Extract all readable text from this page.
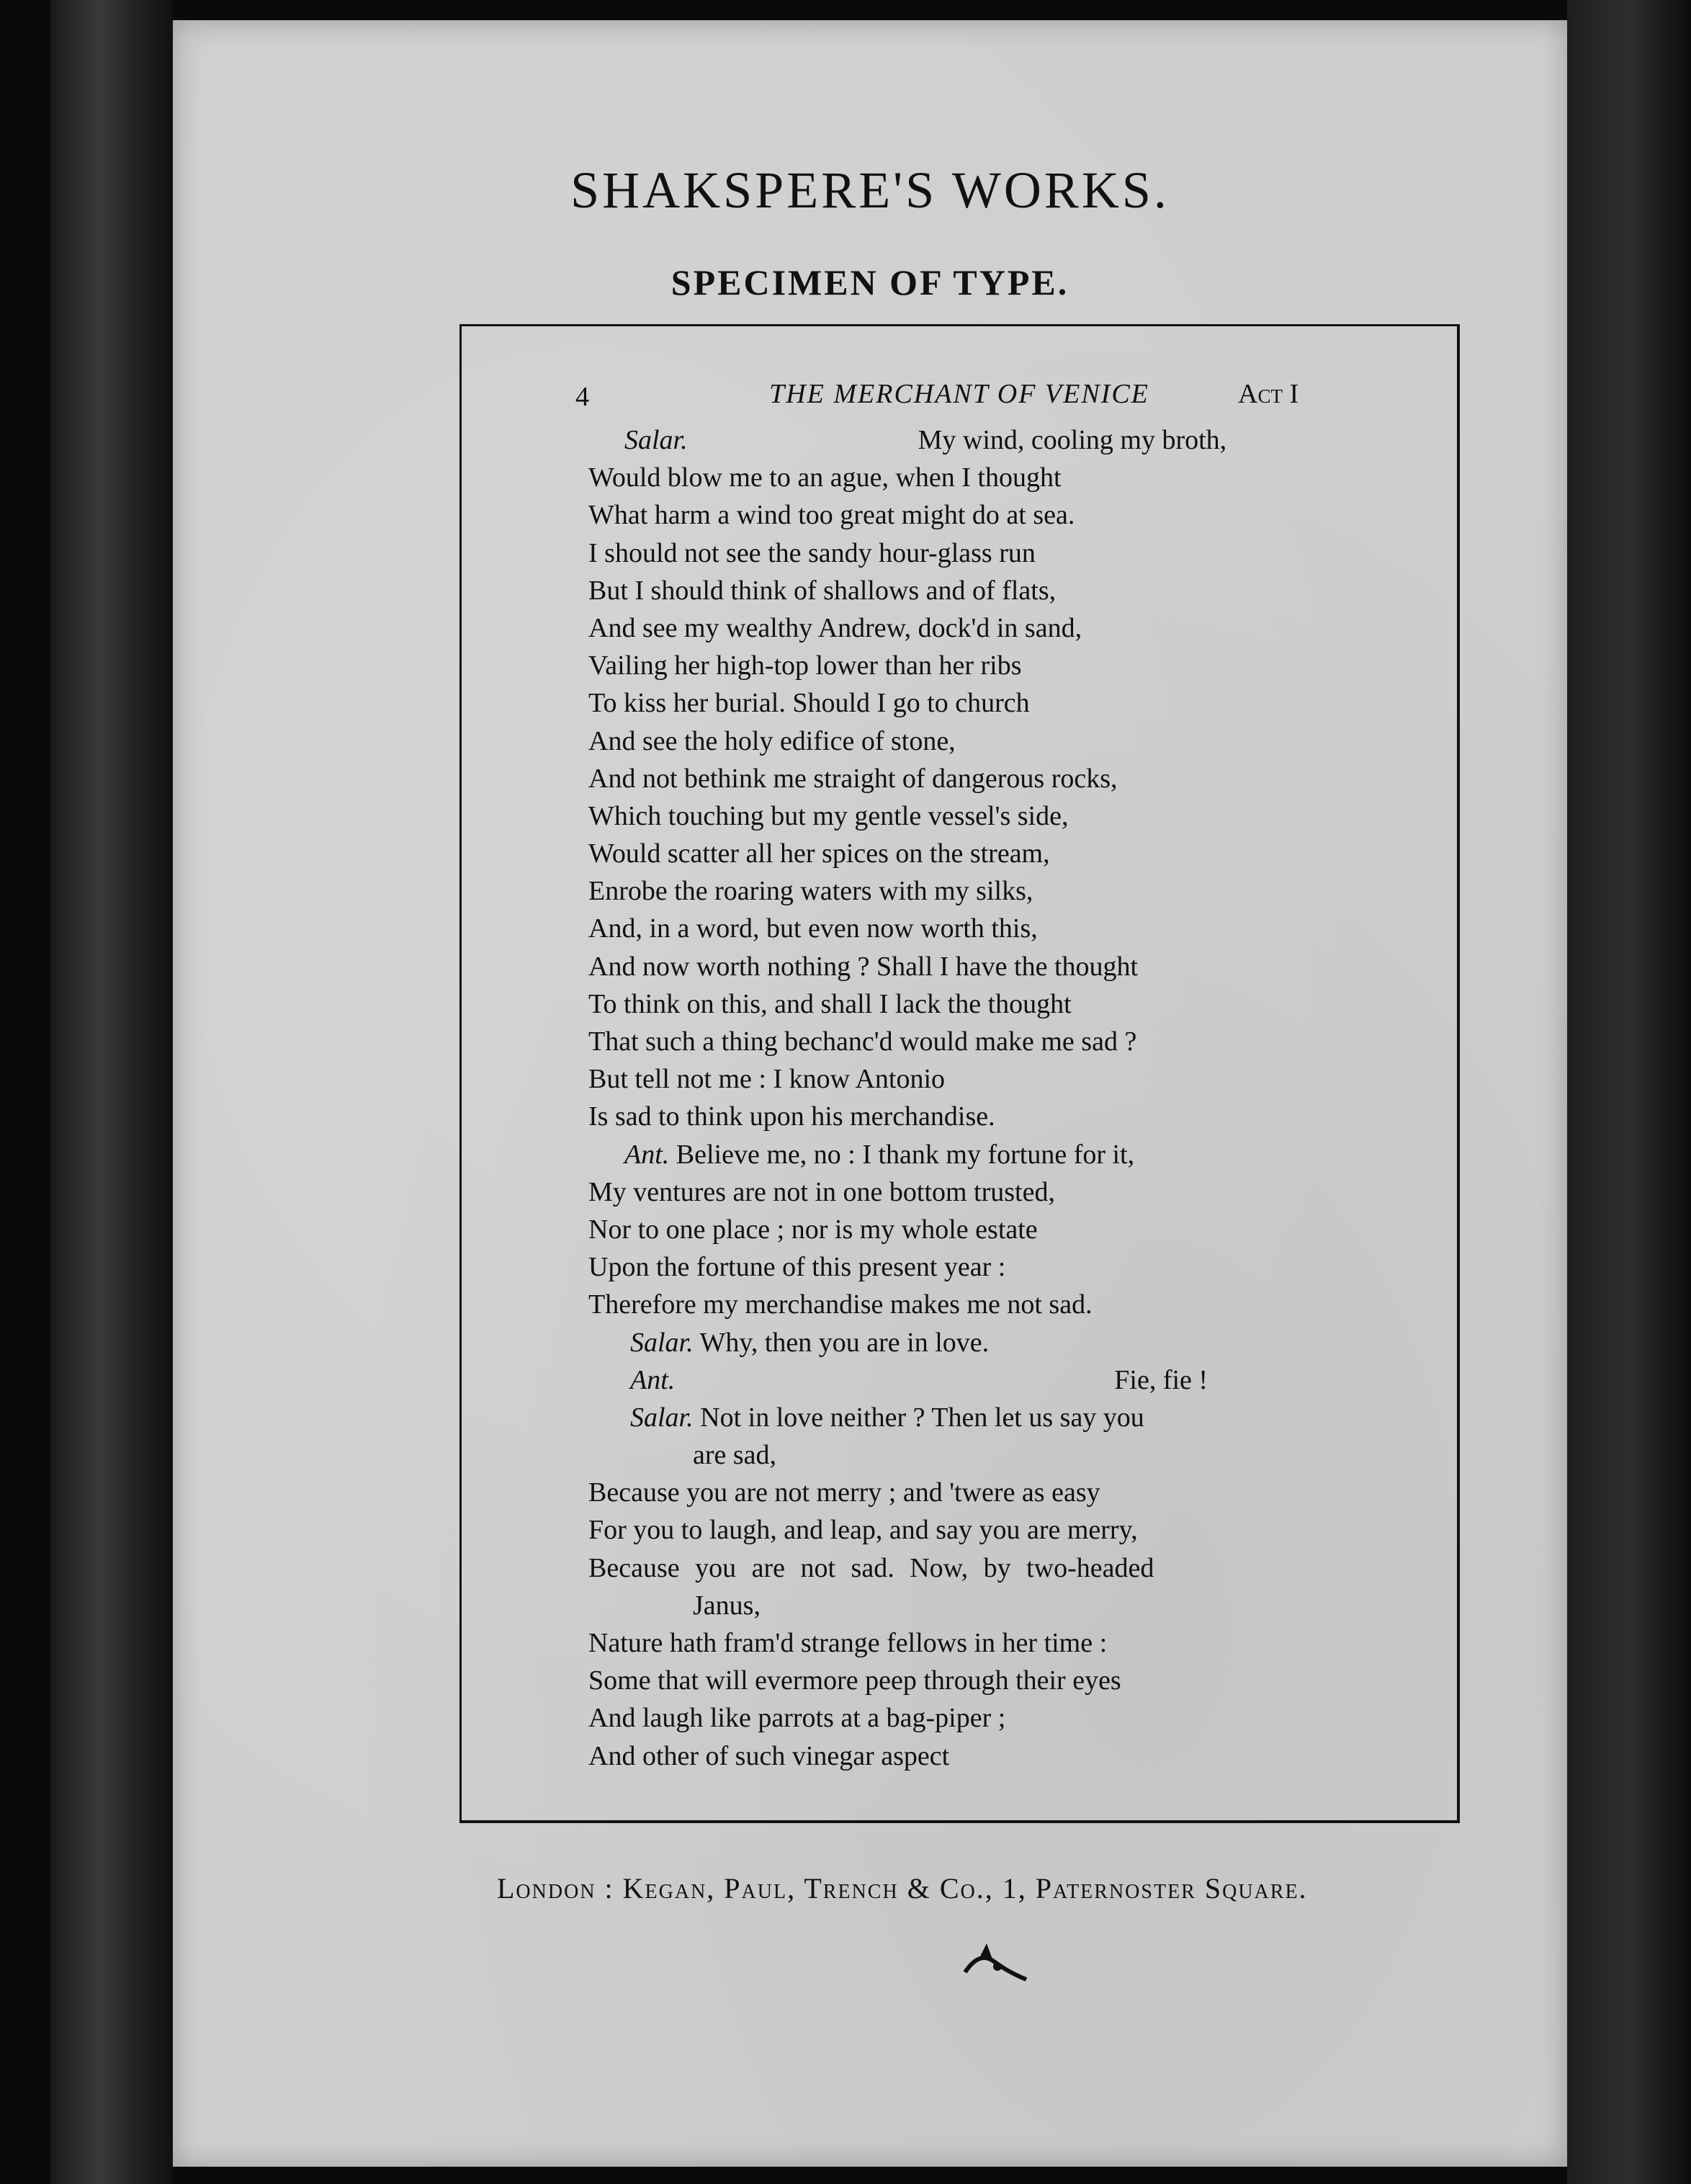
SHAKSPERE'S WORKS.
SPECIMEN OF TYPE.
4	THE MERCHANT OF VENICE	Act I
Salar.	My wind, cooling my broth,
Would blow me to an ague, when I thought
What harm a wind too great might do at sea.
I should not see the sandy hour-glass run
But I should think of shallows and of flats,
And see my wealthy Andrew, dock'd in sand,
Vailing her high-top lower than her ribs
To kiss her burial. Should I go to church
And see the holy edifice of stone,
And not bethink me straight of dangerous rocks,
Which touching but my gentle vessel's side,
Would scatter all her spices on the stream,
Enrobe the roaring waters with my silks,
And, in a word, but even now worth this,
And now worth nothing ? Shall I have the thought
To think on this, and shall I lack the thought
That such a thing bechanc'd would make me sad ?
But tell not me : I know Antonio
Is sad to think upon his merchandise.
Ant. Believe me, no : I thank my fortune for it,
My ventures are not in one bottom trusted,
Nor to one place ; nor is my whole estate
Upon the fortune of this present year :
Therefore my merchandise makes me not sad.
Salar. Why, then you are in love.
Ant.	Fie, fie !
Salar. Not in love neither ? Then let us say you
are sad,
Because you are not merry ; and 'twere as easy
For you to laugh, and leap, and say you are merry,
Because you are not sad. Now, by two-headed
Janus,
Nature hath fram'd strange fellows in her time :
Some that will evermore peep through their eyes
And laugh like parrots at a bag-piper ;
And other of such vinegar aspect
London : Kegan, Paul, Trench & Co., 1, Paternoster Square.
